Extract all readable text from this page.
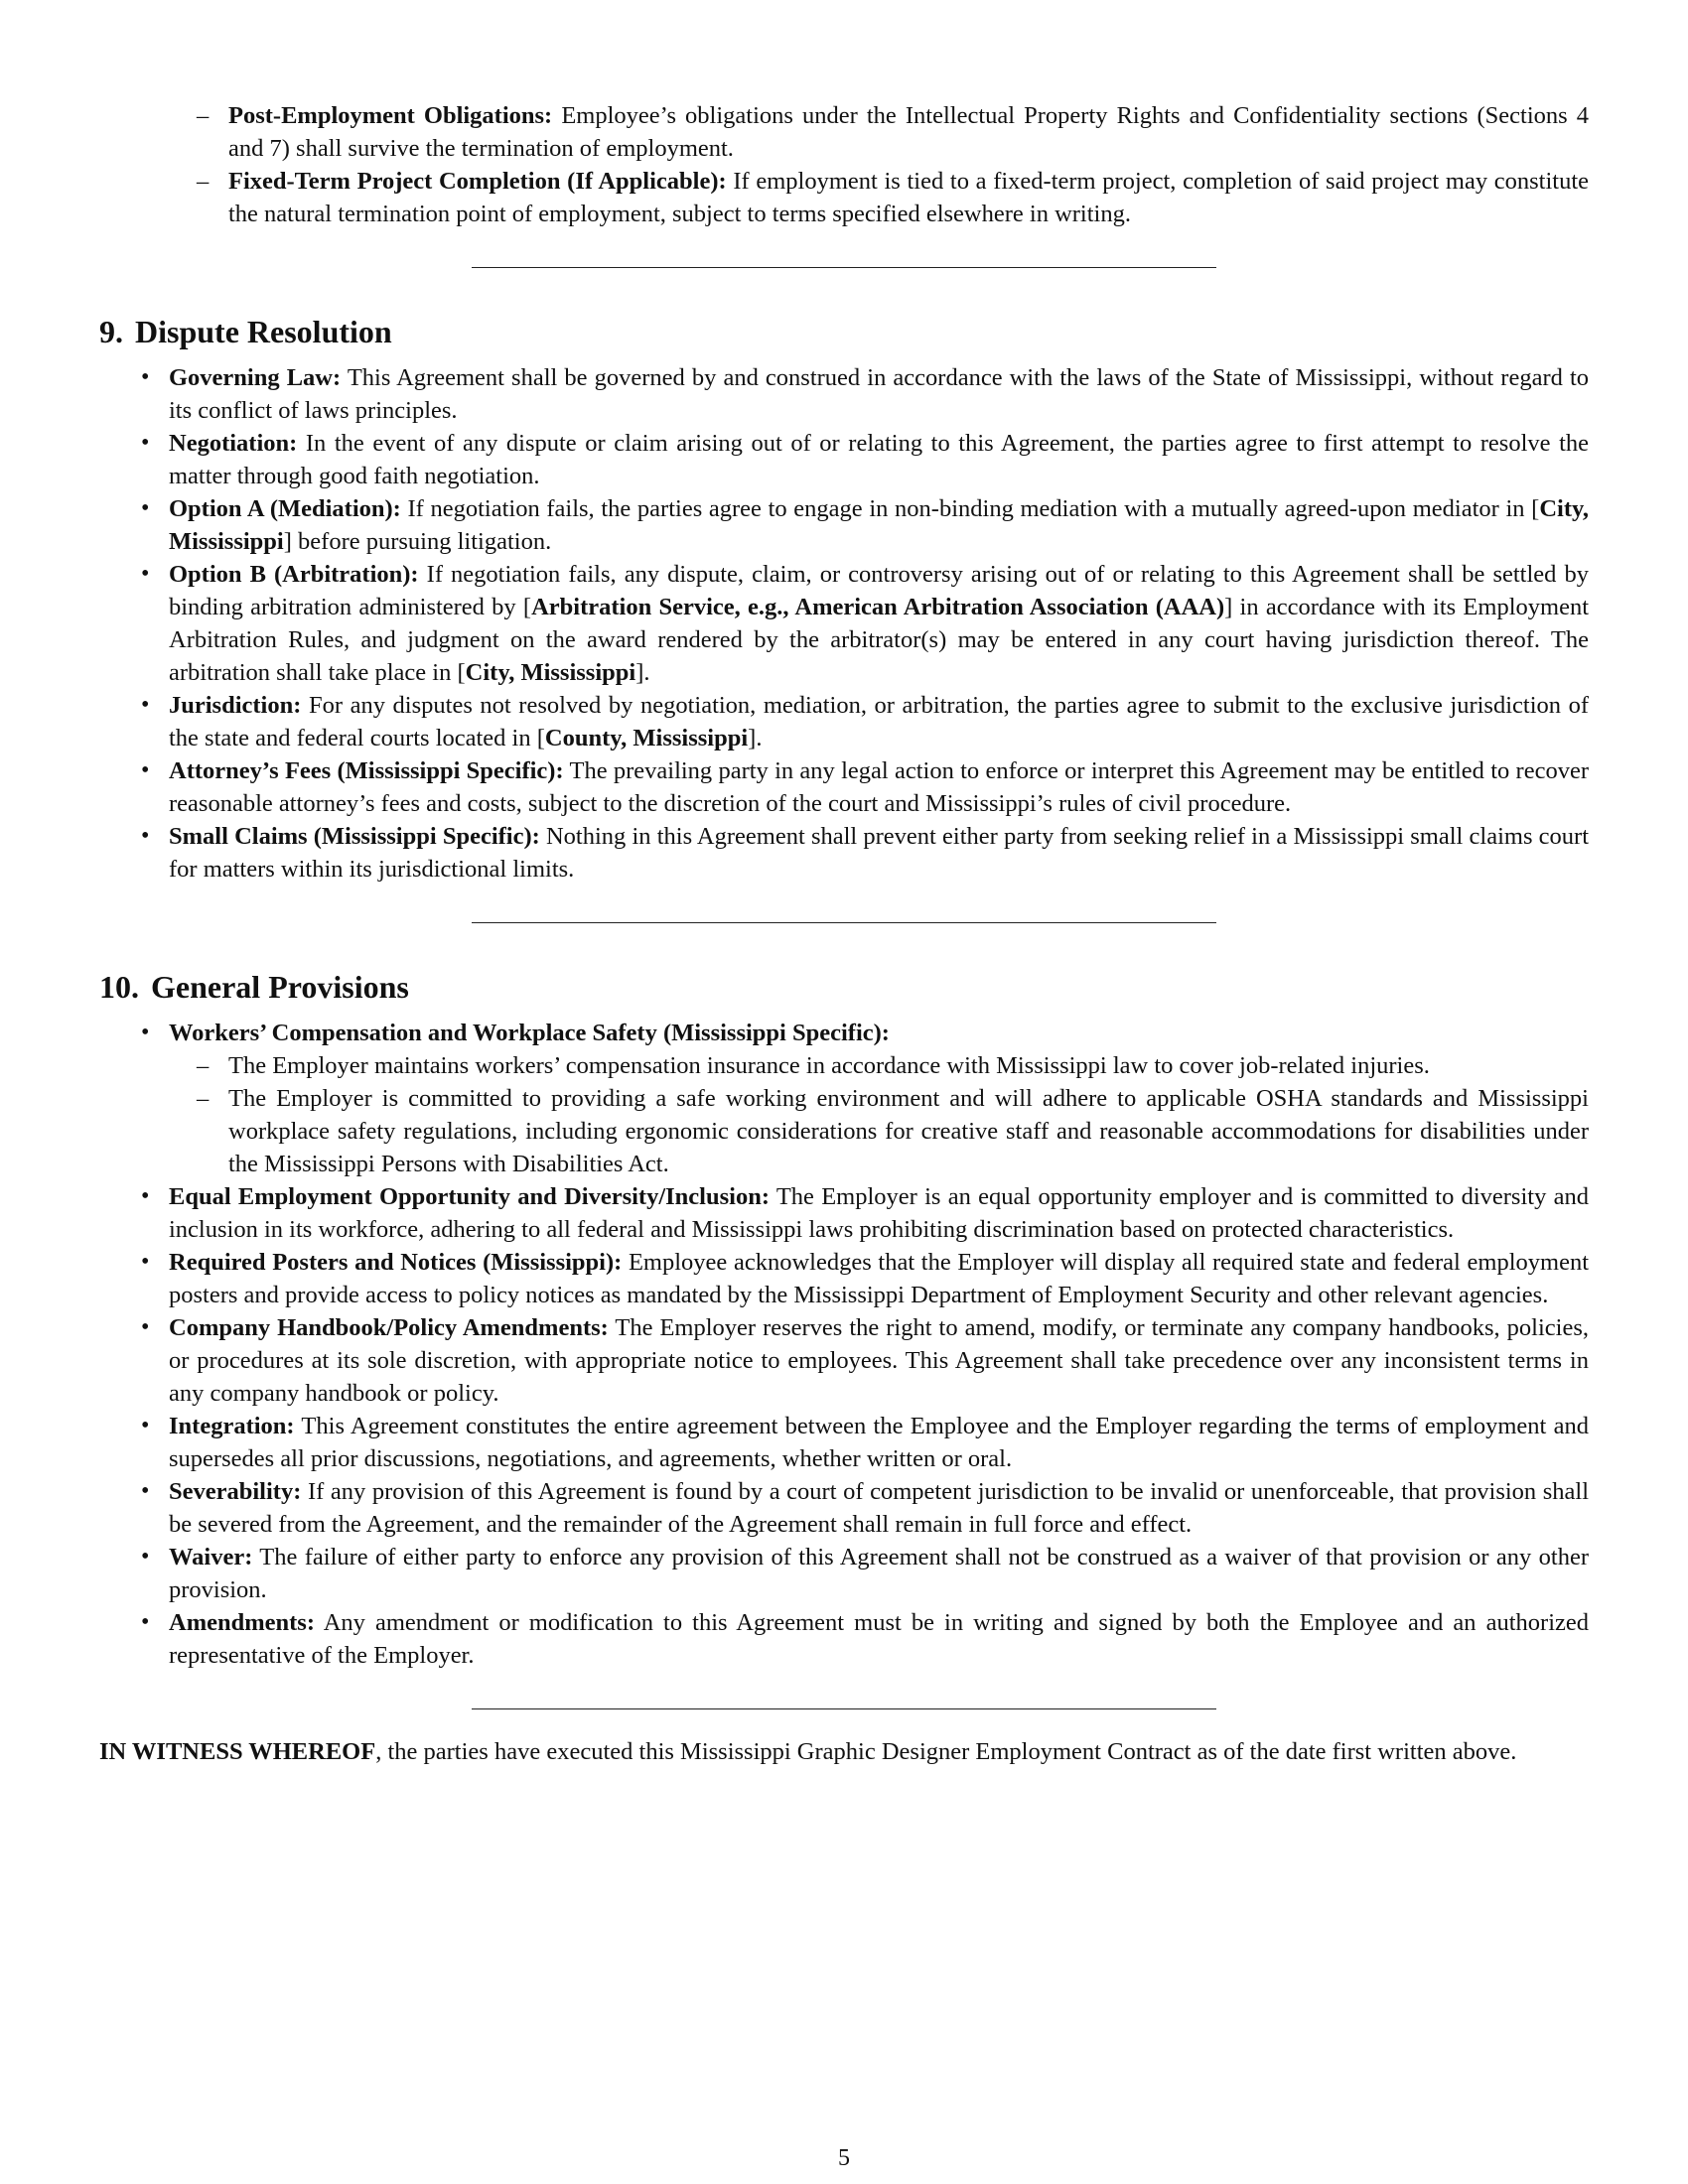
– Post-Employment Obligations: Employee’s obligations under the Intellectual Property Rights and Confidentiality sections (Sections 4 and 7) shall survive the termination of employment.
– Fixed-Term Project Completion (If Applicable): If employment is tied to a fixed-term project, completion of said project may constitute the natural termination point of employment, subject to terms specified elsewhere in writing.
9. Dispute Resolution
• Governing Law: This Agreement shall be governed by and construed in accordance with the laws of the State of Mississippi, without regard to its conflict of laws principles.
• Negotiation: In the event of any dispute or claim arising out of or relating to this Agreement, the parties agree to first attempt to resolve the matter through good faith negotiation.
• Option A (Mediation): If negotiation fails, the parties agree to engage in non-binding mediation with a mutually agreed-upon mediator in [City, Mississippi] before pursuing litigation.
• Option B (Arbitration): If negotiation fails, any dispute, claim, or controversy arising out of or relating to this Agreement shall be settled by binding arbitration administered by [Arbitration Service, e.g., American Arbitration Association (AAA)] in accordance with its Employment Arbitration Rules, and judgment on the award rendered by the arbitrator(s) may be entered in any court having jurisdiction thereof. The arbitration shall take place in [City, Mississippi].
• Jurisdiction: For any disputes not resolved by negotiation, mediation, or arbitration, the parties agree to submit to the exclusive jurisdiction of the state and federal courts located in [County, Mississippi].
• Attorney’s Fees (Mississippi Specific): The prevailing party in any legal action to enforce or interpret this Agreement may be entitled to recover reasonable attorney’s fees and costs, subject to the discretion of the court and Mississippi’s rules of civil procedure.
• Small Claims (Mississippi Specific): Nothing in this Agreement shall prevent either party from seeking relief in a Mississippi small claims court for matters within its jurisdictional limits.
10. General Provisions
• Workers’ Compensation and Workplace Safety (Mississippi Specific):
– The Employer maintains workers’ compensation insurance in accordance with Mississippi law to cover job-related injuries.
– The Employer is committed to providing a safe working environment and will adhere to applicable OSHA standards and Mississippi workplace safety regulations, including ergonomic considerations for creative staff and reasonable accommodations for disabilities under the Mississippi Persons with Disabilities Act.
• Equal Employment Opportunity and Diversity/Inclusion: The Employer is an equal opportunity employer and is committed to diversity and inclusion in its workforce, adhering to all federal and Mississippi laws prohibiting discrimination based on protected characteristics.
• Required Posters and Notices (Mississippi): Employee acknowledges that the Employer will display all required state and federal employment posters and provide access to policy notices as mandated by the Mississippi Department of Employment Security and other relevant agencies.
• Company Handbook/Policy Amendments: The Employer reserves the right to amend, modify, or terminate any company handbooks, policies, or procedures at its sole discretion, with appropriate notice to employees. This Agreement shall take precedence over any inconsistent terms in any company handbook or policy.
• Integration: This Agreement constitutes the entire agreement between the Employee and the Employer regarding the terms of employment and supersedes all prior discussions, negotiations, and agreements, whether written or oral.
• Severability: If any provision of this Agreement is found by a court of competent jurisdiction to be invalid or unenforceable, that provision shall be severed from the Agreement, and the remainder of the Agreement shall remain in full force and effect.
• Waiver: The failure of either party to enforce any provision of this Agreement shall not be construed as a waiver of that provision or any other provision.
• Amendments: Any amendment or modification to this Agreement must be in writing and signed by both the Employee and an authorized representative of the Employer.

IN WITNESS WHEREOF, the parties have executed this Mississippi Graphic Designer Employment Contract as of the date first written above.

5
